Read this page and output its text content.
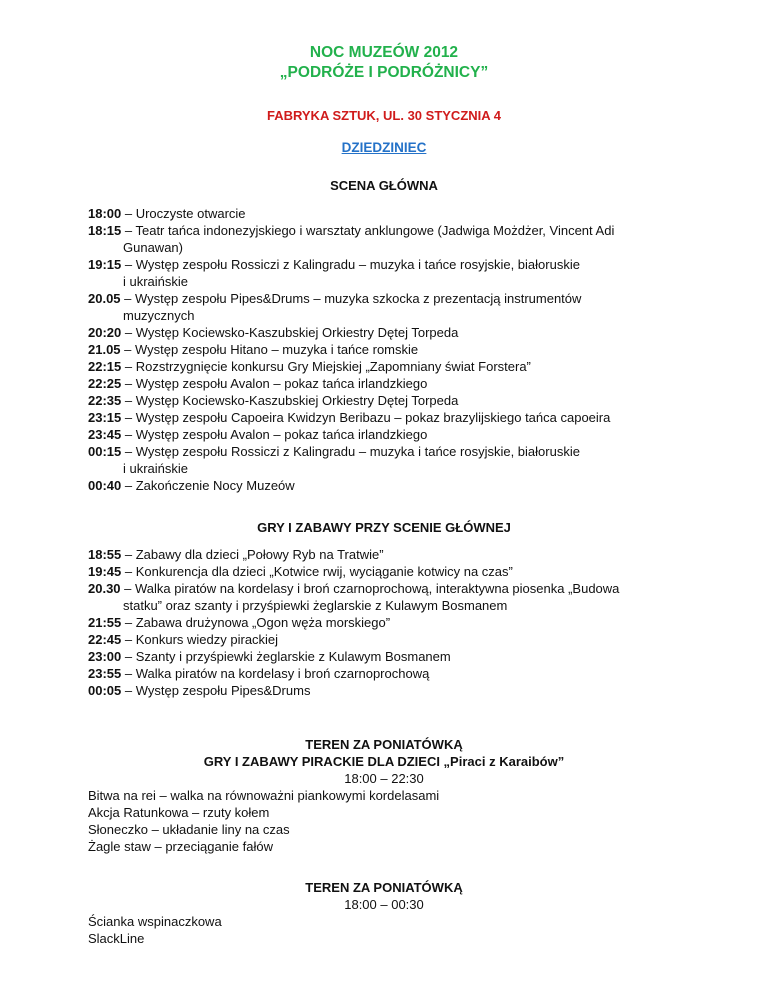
NOC MUZEÓW 2012
„PODRÓŻE I PODRÓŻNICY”
FABRYKA SZTUK, UL. 30 STYCZNIA 4
DZIEDZINIEC
SCENA GŁÓWNA
18:00 – Uroczyste otwarcie
18:15 – Teatr tańca indonezyjskiego i warsztaty anklungowe (Jadwiga Możdżer, Vincent Adi
Gunawan)
19:15 – Występ zespołu Rossiczi z Kalingradu – muzyka i tańce rosyjskie, białoruskie
i ukraińskie
20.05 – Występ zespołu Pipes&Drums – muzyka szkocka z prezentacją instrumentów
muzycznych
20:20 – Występ Kociewsko-Kaszubskiej Orkiestry Dętej Torpeda
21.05 – Występ zespołu Hitano – muzyka i tańce romskie
22:15 – Rozstrzygnięcie konkursu Gry Miejskiej „Zapomniany świat Forstera”
22:25 – Występ zespołu Avalon – pokaz tańca irlandzkiego
22:35 – Występ Kociewsko-Kaszubskiej Orkiestry Dętej Torpeda
23:15 – Występ zespołu Capoeira Kwidzyn Beribazu – pokaz brazylijskiego tańca capoeira
23:45 – Występ zespołu Avalon – pokaz tańca irlandzkiego
00:15 – Występ zespołu Rossiczi z Kalingradu – muzyka i tańce rosyjskie, białoruskie
i ukraińskie
00:40 – Zakończenie Nocy Muzeów
GRY I ZABAWY PRZY SCENIE GŁÓWNEJ
18:55 – Zabawy dla dzieci „Połowy Ryb na Tratwie”
19:45 – Konkurencja dla dzieci „Kotwice rwij, wyciąganie kotwicy na czas”
20.30 – Walka piratów na kordelasy i broń czarnoprochową, interaktywna piosenka „Budowa
statku” oraz szanty i przyśpiewki żeglarskie z Kulawym Bosmanem
21:55 – Zabawa drużynowa „Ogon węża morskiego”
22:45 – Konkurs wiedzy pirackiej
23:00 – Szanty i przyśpiewki żeglarskie z Kulawym Bosmanem
23:55 – Walka piratów na kordelasy i broń czarnoprochową
00:05 – Występ zespołu Pipes&Drums
TEREN ZA PONIATÓWKĄ
GRY I ZABAWY PIRACKIE DLA DZIECI „Piraci z Karaibów”
18:00 – 22:30
Bitwa na rei – walka na równoważni piankowymi kordelasami
Akcja Ratunkowa – rzuty kołem
Słoneczko – układanie liny na czas
Żagle staw – przeciąganie fałów
TEREN ZA PONIATÓWKĄ
18:00 – 00:30
Ścianka wspinaczkowa
SlackLine
